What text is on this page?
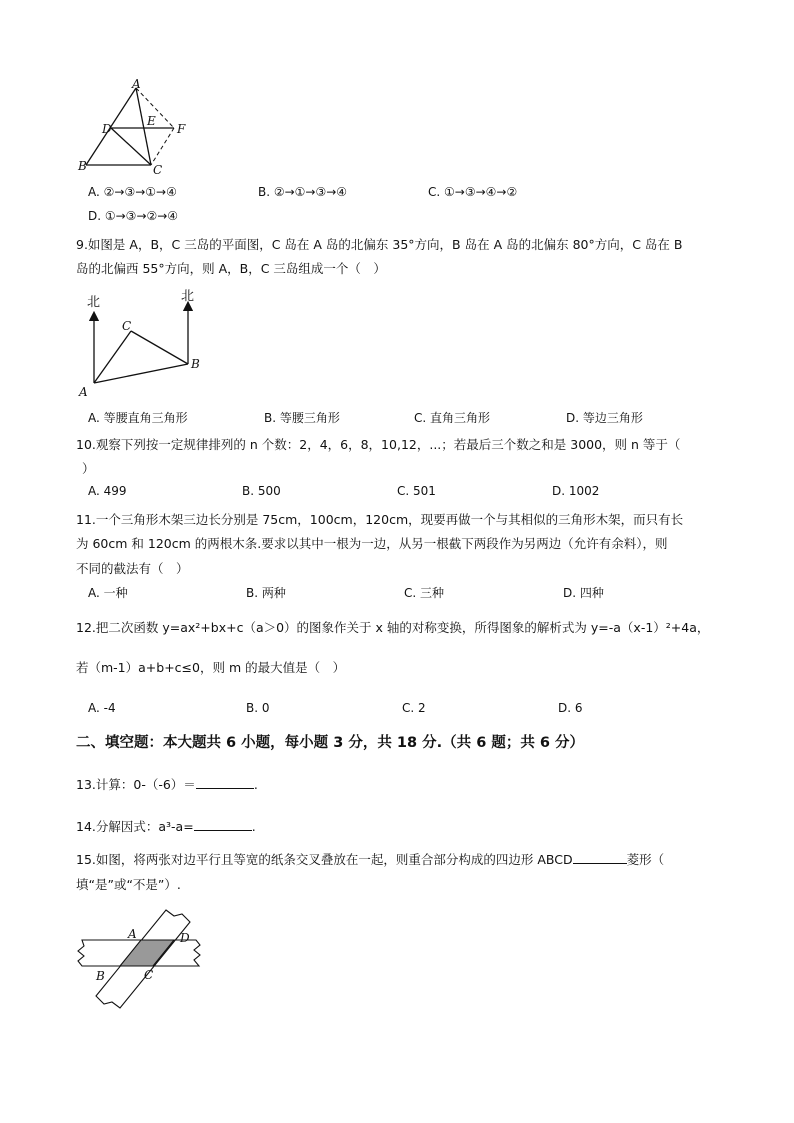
A
D
E
F
B	C
A. ②→③→①→④	B. ②→①→③→④	C. ①→③→④→②
D. ①→③→②→④
9.如图是 A，B，C 三岛的平面图，C 岛在 A 岛的北偏东 35°方向，B 岛在 A 岛的北偏东 80°方向，C 岛在 B
岛的北偏西 55°方向，则 A，B，C 三岛组成一个（　）
北	北
C
B
A
A. 等腰直角三角形	B. 等腰三角形	C. 直角三角形	D. 等边三角形
10.观察下列按一定规律排列的 n 个数：2，4，6，8，10,12，...；若最后三个数之和是 3000，则 n 等于（
）
A. 499	B. 500	C. 501	D. 1002
11.一个三角形木架三边长分别是 75cm，100cm，120cm，现要再做一个与其相似的三角形木架，而只有长
为 60cm 和 120cm 的两根木条.要求以其中一根为一边，从另一根截下两段作为另两边（允许有余料），则
不同的截法有（　）
A. 一种	B. 两种	C. 三种	D. 四种
12.把二次函数 y=ax²+bx+c（a＞0）的图象作关于 x 轴的对称变换，所得图象的解析式为 y=-a（x-1）²+4a，
若（m-1）a+b+c≤0，则 m 的最大值是（　）
A. -4	B. 0	C. 2	D. 6
二、填空题：本大题共 6 小题，每小题 3 分，共 18 分.（共 6 题；共 6 分）
13.计算：0-（-6）＝	.
14.分解因式：a³-a=	.
15.如图，将两张对边平行且等宽的纸条交叉叠放在一起，则重合部分构成的四边形 ABCD	菱形（
填“是”或“不是”）.
A	D
B	C
